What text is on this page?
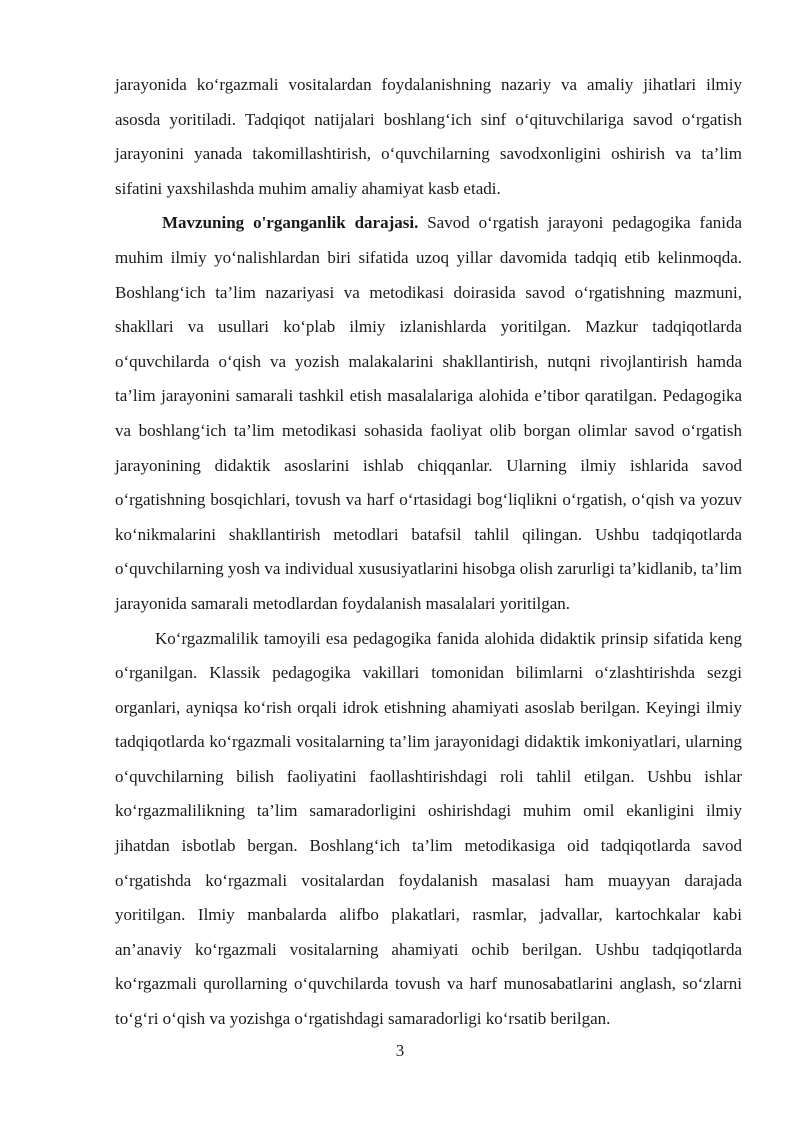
jarayonida ko‘rgazmali vositalardan foydalanishning nazariy va amaliy jihatlari ilmiy asosda yoritiladi. Tadqiqot natijalari boshlang‘ich sinf o‘qituvchilariga savod o‘rgatish jarayonini yanada takomillashtirish, o‘quvchilarning savodxonligini oshirish va ta’lim sifatini yaxshilashda muhim amaliy ahamiyat kasb etadi.

Mavzuning o'rganganlik darajasi. Savod o‘rgatish jarayoni pedagogika fanida muhim ilmiy yo‘nalishlardan biri sifatida uzoq yillar davomida tadqiq etib kelinmoqda. Boshlang‘ich ta’lim nazariyasi va metodikasi doirasida savod o‘rgatishning mazmuni, shakllari va usullari ko‘plab ilmiy izlanishlarda yoritilgan. Mazkur tadqiqotlarda o‘quvchilarda o‘qish va yozish malakalarini shakllantirish, nutqni rivojlantirish hamda ta’lim jarayonini samarali tashkil etish masalalariga alohida e’tibor qaratilgan. Pedagogika va boshlang‘ich ta’lim metodikasi sohasida faoliyat olib borgan olimlar savod o‘rgatish jarayonining didaktik asoslarini ishlab chiqqanlar. Ularning ilmiy ishlarida savod o‘rgatishning bosqichlari, tovush va harf o‘rtasidagi bog‘liqlikni o‘rgatish, o‘qish va yozuv ko‘nikmalarini shakllantirish metodlari batafsil tahlil qilingan. Ushbu tadqiqotlarda o‘quvchilarning yosh va individual xususiyatlarini hisobga olish zarurligi ta’kidlanib, ta’lim jarayonida samarali metodlardan foydalanish masalalari yoritilgan.

Ko‘rgazmalilik tamoyili esa pedagogika fanida alohida didaktik prinsip sifatida keng o‘rganilgan. Klassik pedagogika vakillari tomonidan bilimlarni o‘zlashtirishda sezgi organlari, ayniqsa ko‘rish orqali idrok etishning ahamiyati asoslab berilgan. Keyingi ilmiy tadqiqotlarda ko‘rgazmali vositalarning ta’lim jarayonidagi didaktik imkoniyatlari, ularning o‘quvchilarning bilish faoliyatini faollashtirishdagi roli tahlil etilgan. Ushbu ishlar ko‘rgazmalilikning ta’lim samaradorligini oshirishdagi muhim omil ekanligini ilmiy jihatdan isbotlab bergan. Boshlang‘ich ta’lim metodikasiga oid tadqiqotlarda savod o‘rgatishda ko‘rgazmali vositalardan foydalanish masalasi ham muayyan darajada yoritilgan. Ilmiy manbalarda alifbo plakatlari, rasmlar, jadvallar, kartochkalar kabi an’anaviy ko‘rgazmali vositalarning ahamiyati ochib berilgan. Ushbu tadqiqotlarda ko‘rgazmali qurollarning o‘quvchilarda tovush va harf munosabatlarini anglash, so‘zlarni to‘g‘ri o‘qish va yozishga o‘rgatishdagi samaradorligi ko‘rsatib berilgan.

3
